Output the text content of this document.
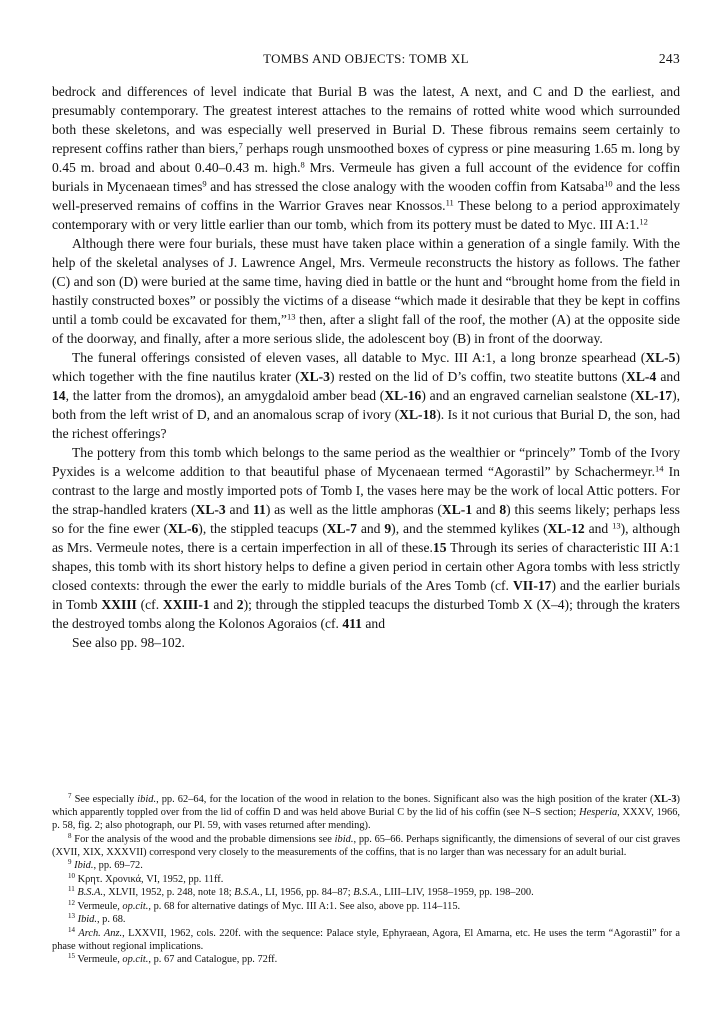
TOMBS AND OBJECTS: TOMB XL	243

bedrock and differences of level indicate that Burial B was the latest, A next, and C and D the earliest, and presumably contemporary. The greatest interest attaches to the remains of rotted white wood which surrounded both these skeletons, and was especially well preserved in Burial D. These fibrous remains seem certainly to represent coffins rather than biers,$^7$ perhaps rough unsmoothed boxes of cypress or pine measuring 1.65 m. long by 0.45 m. broad and about 0.40–0.43 m. high.$^8$ Mrs. Vermeule has given a full account of the evidence for coffin burials in Mycenaean times$^9$ and has stressed the close analogy with the wooden coffin from Katsaba$^{10}$ and the less well-preserved remains of coffins in the Warrior Graves near Knossos.$^{11}$ These belong to a period approximately contemporary with or very little earlier than our tomb, which from its pottery must be dated to Myc. III A:1.12

Although there were four burials, these must have taken place within a generation of a single family. With the help of the skeletal analyses of J. Lawrence Angel, Mrs. Vermeule reconstructs the history as follows. The father (C) and son (D) were buried at the same time, having died in battle or the hunt and “brought home from the field in hastily constructed boxes” or possibly the victims of a disease “which made it desirable that they be kept in coffins until a tomb could be excavated for them,”$^{13}$ then, after a slight fall of the roof, the mother (A) at the opposite side of the doorway, and finally, after a more serious slide, the adolescent boy (B) in front of the doorway.

The funeral offerings consisted of eleven vases, all datable to Myc. III A:1, a long bronze spearhead (XL-5) which together with the fine nautilus krater (XL-3) rested on the lid of D’s coffin, two steatite buttons (XL-4 and 14, the latter from the dromos), an amygdaloid amber bead (XL-16) and an engraved carnelian sealstone (XL-17), both from the left wrist of D, and an anomalous scrap of ivory (XL-18). Is it not curious that Burial D, the son, had the richest offerings?

The pottery from this tomb which belongs to the same period as the wealthier or “princely” Tomb of the Ivory Pyxides is a welcome addition to that beautiful phase of Mycenaean termed “Agorastil” by Schachermeyr.$^{14}$ In contrast to the large and mostly imported pots of Tomb I, the vases here may be the work of local Attic potters. For the strap-handled kraters (XL-3 and 11) as well as the little amphoras (XL-1 and 8) this seems likely; perhaps less so for the fine ewer (XL-6), the stippled teacups (XL-7 and 9), and the stemmed kylikes (XL-12 and $^{13}$), although as Mrs. Vermeule notes, there is a certain imperfection in all of these.15 Through its series of characteristic III A:1 shapes, this tomb with its short history helps to define a given period in certain other Agora tombs with less strictly closed contexts: through the ewer the early to middle burials of the Ares Tomb (cf. VII-17) and the earlier burials in Tomb XXIII (cf. XXIII-1 and 2); through the stippled teacups the disturbed Tomb X (X–4); through the kraters the destroyed tombs along the Kolonos Agoraios (cf. 411 and

See also pp. 98–102.

$^7$ See especially ibid., pp. 62–64, for the location of the wood in relation to the bones. Significant also was the high position of the krater (XL-3) which apparently toppled over from the lid of coffin D and was held above Burial C by the lid of his coffin (see N–S section; Hesperia, XXXV, 1966, p. 58, fig. 2; also photograph, our Pl. 59, with vases returned after mending).

$^8$ For the analysis of the wood and the probable dimensions see ibid., pp. 65–66. Perhaps significantly, the dimensions of several of our cist graves (XVII, XIX, XXXVII) correspond very closely to the measurements of the coffins, that is no larger than was necessary for an adult burial.

$^9$ Ibid., pp. 69–72.

$^{10}$ Κρητ. Χρονικά, VI, 1952, pp. 11ff.

$^{11}$ B.S.A., XLVII, 1952, p. 248, note 18; B.S.A., LI, 1956, pp. 84–87; B.S.A., LIII–LIV, 1958–1959, pp. 198–200.

$^{12}$ Vermeule, op.cit., p. 68 for alternative datings of Myc. III A:1. See also, above pp. 114–115.

$^{13}$ Ibid., p. 68.

$^{14}$ Arch. Anz., LXXVII, 1962, cols. 220f. with the sequence: Palace style, Ephyraean, Agora, El Amarna, etc. He uses the term “Agorastil” for a phase without regional implications.

$^{15}$ Vermeule, op.cit., p. 67 and Catalogue, pp. 72ff.
